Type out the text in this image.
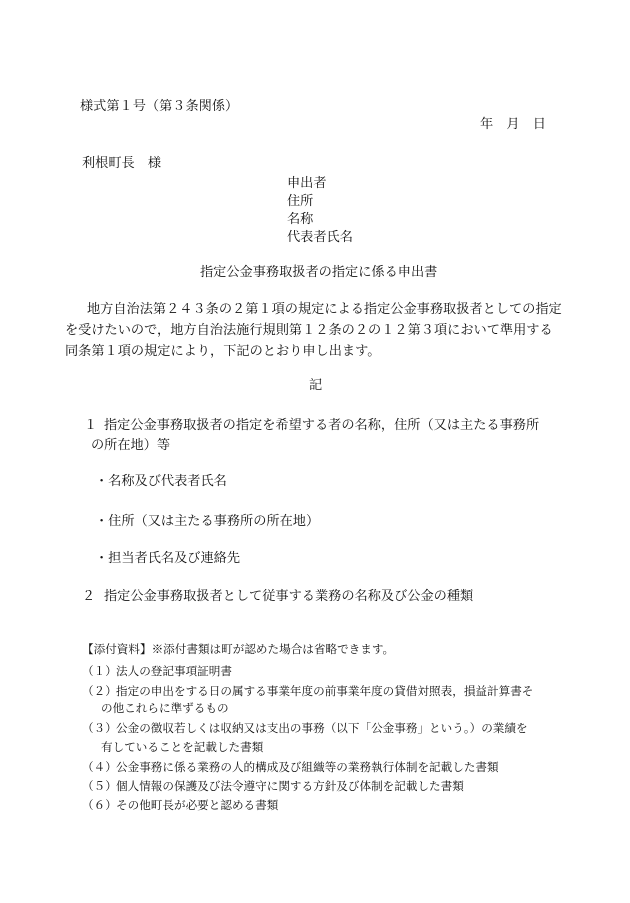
様式第１号（第３条関係）
年　月　日
利根町長　様
申出者
住所
名称
代表者氏名
指定公金事務取扱者の指定に係る申出書
地方自治法第２４３条の２第１項の規定による指定公金事務取扱者としての指定を受けたいので，地方自治法施行規則第１２条の２の１２第３項において準用する同条第１項の規定により，下記のとおり申し出ます。
記
１ 指定公金事務取扱者の指定を希望する者の名称，住所（又は主たる事務所
の所在地）等
・名称及び代表者氏名
・住所（又は主たる事務所の所在地）
・担当者氏名及び連絡先
２ 指定公金事務取扱者として従事する業務の名称及び公金の種類
【添付資料】※添付書類は町が認めた場合は省略できます。
（１）法人の登記事項証明書
（２）指定の申出をする日の属する事業年度の前事業年度の貸借対照表，損益計算書そ
の他これらに準ずるもの
（３）公金の徴収若しくは収納又は支出の事務（以下「公金事務」という。）の業績を
有していることを記載した書類
（４）公金事務に係る業務の人的構成及び組織等の業務執行体制を記載した書類
（５）個人情報の保護及び法令遵守に関する方針及び体制を記載した書類
（６）その他町長が必要と認める書類
